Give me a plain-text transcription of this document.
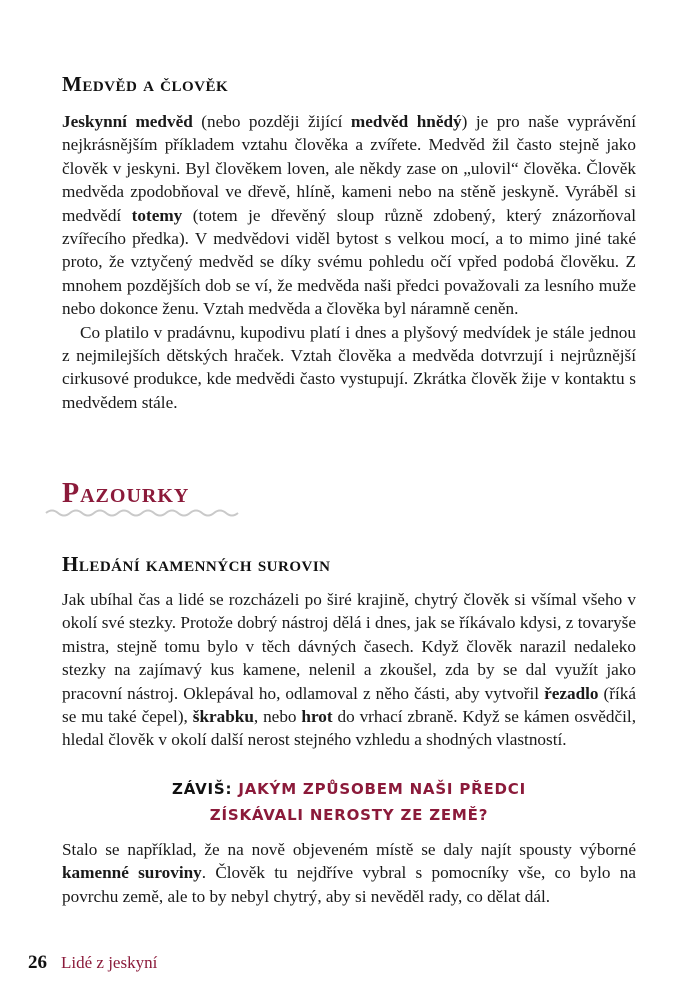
Medvěd a člověk

Jeskynní medvěd (nebo později žijící medvěd hnědý) je pro naše vyprávění nejkrásnějším příkladem vztahu člověka a zvířete. Medvěd žil často stejně jako člověk v jeskyni. Byl člověkem loven, ale někdy zase on „ulovil“ člověka. Člověk medvěda zpodobňoval ve dřevě, hlíně, kameni nebo na stěně jeskyně. Vyráběl si medvědí totemy (totem je dřevěný sloup různě zdobený, který znázorňoval zvířecího předka). V medvědovi viděl bytost s velkou mocí, a to mimo jiné také proto, že vztyčený medvěd se díky svému pohledu očí vpřed podobá člověku. Z mnohem pozdějších dob se ví, že medvěda naši předci považovali za lesního muže nebo dokonce ženu. Vztah medvěda a člověka byl náramně ceněn.

Co platilo v pradávnu, kupodivu platí i dnes a plyšový medvídek je stále jednou z nejmilejších dětských hraček. Vztah člověka a medvěda dotvrzují i nejrůznější cirkusové produkce, kde medvědi často vystupují. Zkrátka člověk žije v kontaktu s medvědem stále.

Pazourky
Hledání kamenných surovin

Jak ubíhal čas a lidé se rozcházeli po širé krajině, chytrý člověk si všímal všeho v okolí své stezky. Protože dobrý nástroj dělá i dnes, jak se říkávalo kdysi, z tovaryše mistra, stejně tomu bylo v těch dávných časech. Když člověk narazil nedaleko stezky na zajímavý kus kamene, nelenil a zkoušel, zda by se dal využít jako pracovní nástroj. Oklepával ho, odlamoval z něho části, aby vytvořil řezadlo (říká se mu také čepel), škrabku, nebo hrot do vrhací zbraně. Když se kámen osvědčil, hledal člověk v okolí další nerost stejného vzhledu a shodných vlastností.

ZÁVIŠ: JAKÝM ZPŮSOBEM NAŠI PŘEDCI
ZÍSKÁVALI NEROSTY ZE ZEMĚ?

Stalo se například, že na nově objeveném místě se daly najít spousty výborné kamenné suroviny. Člověk tu nejdříve vybral s pomocníky vše, co bylo na povrchu země, ale to by nebyl chytrý, aby si nevěděl rady, co dělat dál.

26 Lidé z jeskyní
